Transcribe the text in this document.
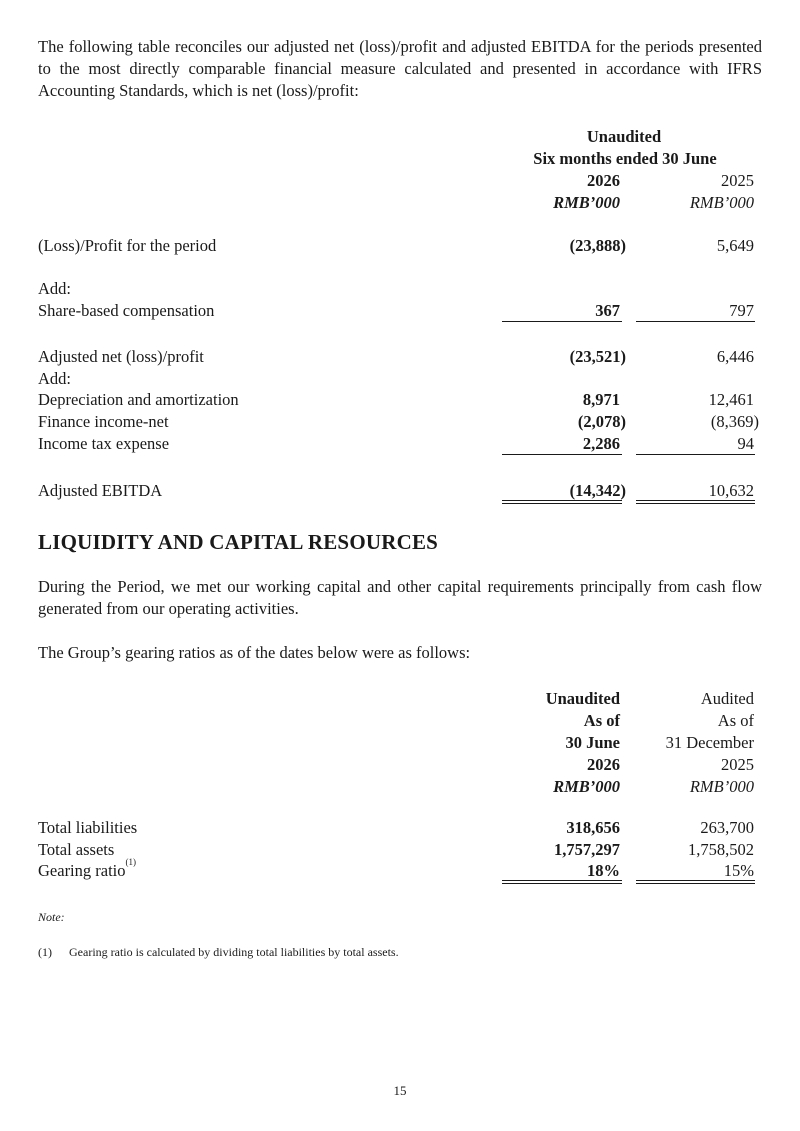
The following table reconciles our adjusted net (loss)/profit and adjusted EBITDA for the periods presented to the most directly comparable financial measure calculated and presented in accordance with IFRS Accounting Standards, which is net (loss)/profit:

Unaudited
Six months ended 30 June
2026	2025
RMB’000	RMB’000
(Loss)/Profit for the period	(23,888)	5,649
Add:
Share-based compensation	367	797
Adjusted net (loss)/profit	(23,521)	6,446
Add:
Depreciation and amortization	8,971	12,461
Finance income-net	(2,078)	(8,369)
Income tax expense	2,286	94
Adjusted EBITDA	(14,342)	10,632
LIQUIDITY AND CAPITAL RESOURCES

During the Period, we met our working capital and other capital requirements principally from cash flow generated from our operating activities.

The Group’s gearing ratios as of the dates below were as follows:

Unaudited	Audited
As of	As of
30 June	31 December
2026	2025
RMB’000	RMB’000
Total liabilities	318,656	263,700
Total assets	1,757,297	1,758,502
Gearing ratio$^{(1)}$	18%	15%
Note:
(1) Gearing ratio is calculated by dividing total liabilities by total assets.
15
